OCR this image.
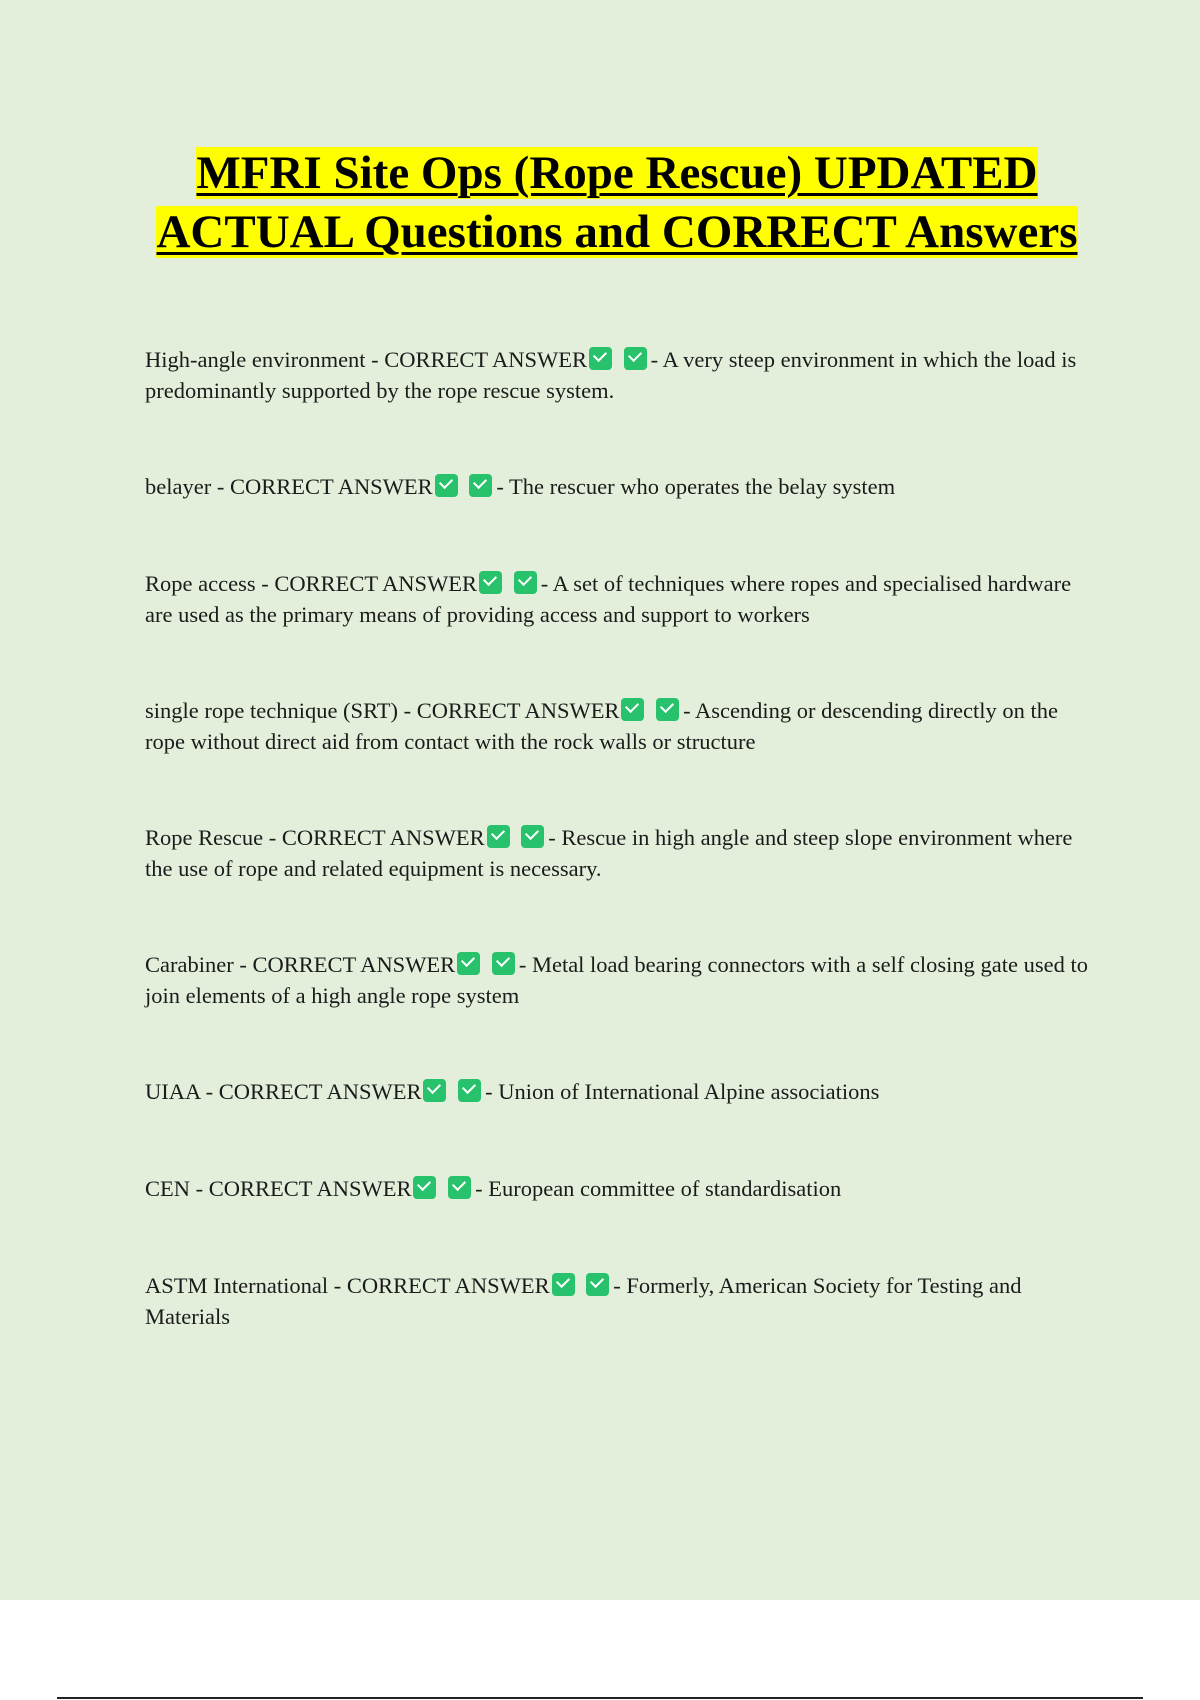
MFRI Site Ops (Rope Rescue) UPDATED ACTUAL Questions and CORRECT Answers

High-angle environment - CORRECT ANSWER	- A very steep environment in which the load is predominantly supported by the rope rescue system.

belayer - CORRECT ANSWER	- The rescuer who operates the belay system

Rope access - CORRECT ANSWER	- A set of techniques where ropes and specialised hardware are used as the primary means of providing access and support to workers

single rope technique (SRT) - CORRECT ANSWER	- Ascending or descending directly on the rope without direct aid from contact with the rock walls or structure

Rope Rescue - CORRECT ANSWER	- Rescue in high angle and steep slope environment where the use of rope and related equipment is necessary.

Carabiner - CORRECT ANSWER	- Metal load bearing connectors with a self closing gate used to join elements of a high angle rope system

UIAA - CORRECT ANSWER	- Union of International Alpine associations

CEN - CORRECT ANSWER	- European committee of standardisation

ASTM International - CORRECT ANSWER	- Formerly, American Society for Testing and Materials
